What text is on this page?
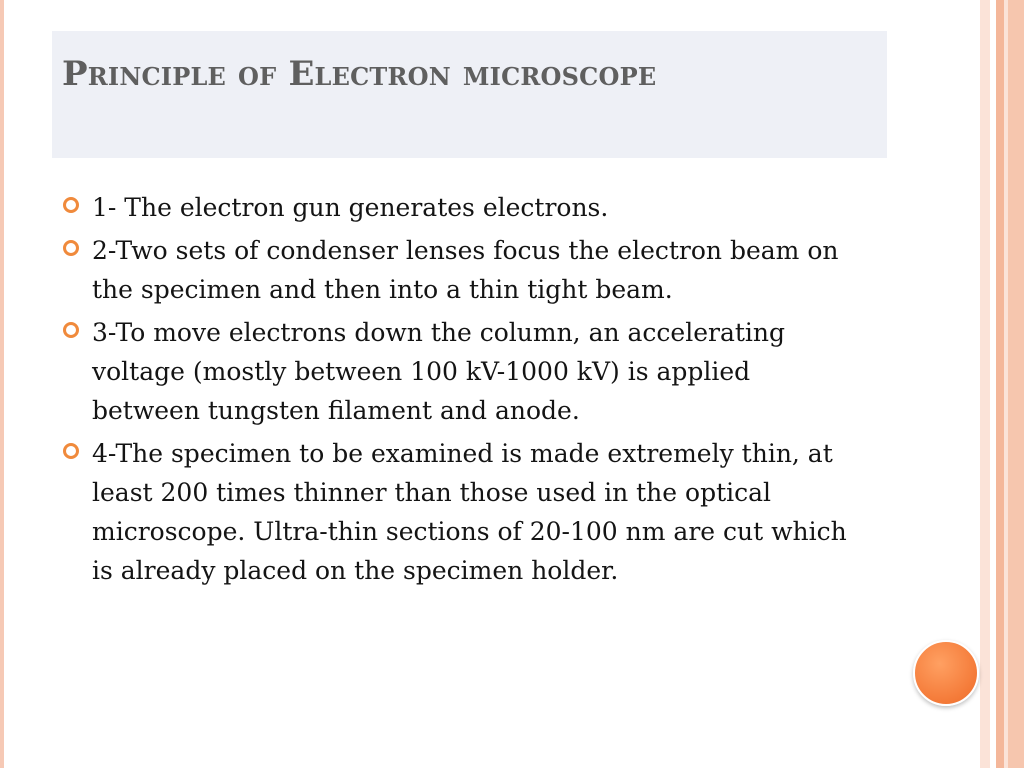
Principle of Electron microscope
1- The electron gun generates electrons.
2-Two sets of condenser lenses focus the electron beam on the specimen and then into a thin tight beam.
3-To move electrons down the column, an accelerating voltage (mostly between 100 kV-1000 kV) is applied between tungsten filament and anode.
4-The specimen to be examined is made extremely thin, at least 200 times thinner than those used in the optical microscope. Ultra-thin sections of 20-100 nm are cut which is already placed on the specimen holder.
